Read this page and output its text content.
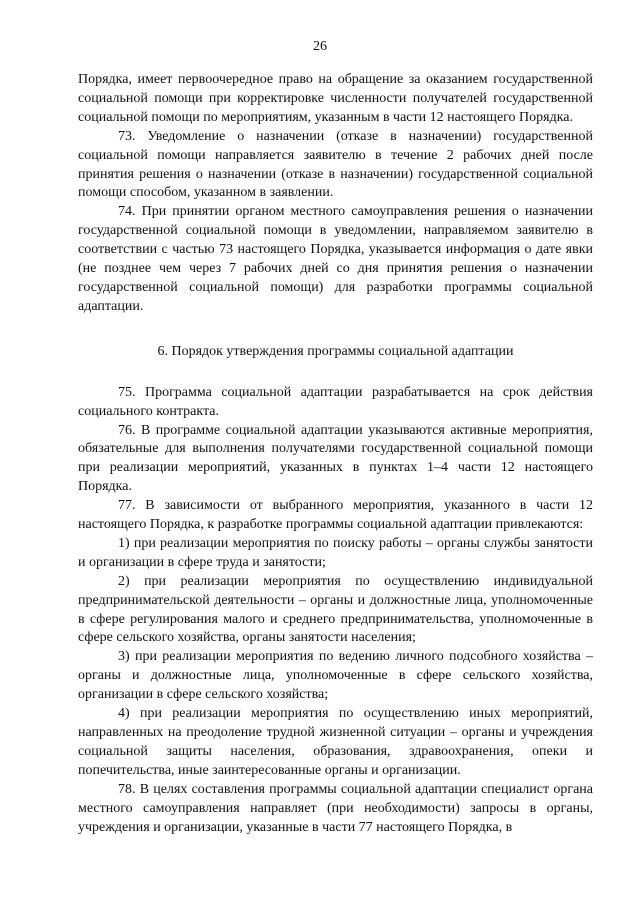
26

Порядка, имеет первоочередное право на обращение за оказанием государственной социальной помощи при корректировке численности получателей государственной социальной помощи по мероприятиям, указанным в части 12 настоящего Порядка.

73. Уведомление о назначении (отказе в назначении) государственной социальной помощи направляется заявителю в течение 2 рабочих дней после принятия решения о назначении (отказе в назначении) государственной социальной помощи способом, указанном в заявлении.

74. При принятии органом местного самоуправления решения о назначении государственной социальной помощи в уведомлении, направляемом заявителю в соответствии с частью 73 настоящего Порядка, указывается информация о дате явки (не позднее чем через 7 рабочих дней со дня принятия решения о назначении государственной социальной помощи) для разработки программы социальной адаптации.

6. Порядок утверждения программы социальной адаптации

75. Программа социальной адаптации разрабатывается на срок действия социального контракта.

76. В программе социальной адаптации указываются активные мероприятия, обязательные для выполнения получателями государственной социальной помощи при реализации мероприятий, указанных в пунктах 1–4 части 12 настоящего Порядка.

77. В зависимости от выбранного мероприятия, указанного в части 12 настоящего Порядка, к разработке программы социальной адаптации привлекаются:

1) при реализации мероприятия по поиску работы – органы службы занятости и организации в сфере труда и занятости;

2) при реализации мероприятия по осуществлению индивидуальной предпринимательской деятельности – органы и должностные лица, уполномоченные в сфере регулирования малого и среднего предпринимательства, уполномоченные в сфере сельского хозяйства, органы занятости населения;

3) при реализации мероприятия по ведению личного подсобного хозяйства – органы и должностные лица, уполномоченные в сфере сельского хозяйства, организации в сфере сельского хозяйства;

4) при реализации мероприятия по осуществлению иных мероприятий, направленных на преодоление трудной жизненной ситуации – органы и учреждения социальной защиты населения, образования, здравоохранения, опеки и попечительства, иные заинтересованные органы и организации.

78. В целях составления программы социальной адаптации специалист органа местного самоуправления направляет (при необходимости) запросы в органы, учреждения и организации, указанные в части 77 настоящего Порядка, в
